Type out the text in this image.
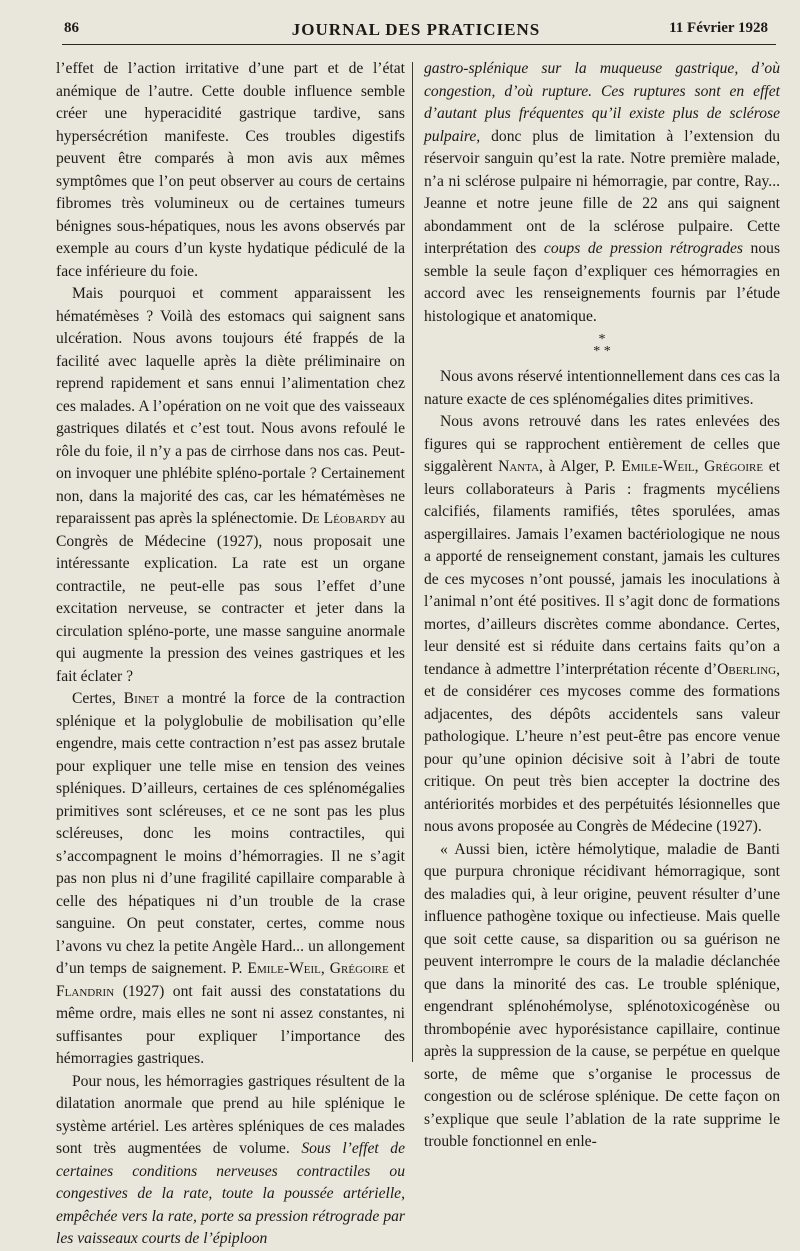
86	JOURNAL DES PRATICIENS	11 Février 1928

l’effet de l’action irritative d’une part et de l’état anémique de l’autre. Cette double influence semble créer une hyperacidité gastrique tardive, sans hypersécrétion manifeste. Ces troubles digestifs peuvent être comparés à mon avis aux mêmes symptômes que l’on peut observer au cours de certains fibromes très volumineux ou de certaines tumeurs bénignes sous-hépatiques, nous les avons observés par exemple au cours d’un kyste hydatique pédiculé de la face inférieure du foie.

Mais pourquoi et comment apparaissent les hématémèses ? Voilà des estomacs qui saignent sans ulcération. Nous avons toujours été frappés de la facilité avec laquelle après la diète préliminaire on reprend rapidement et sans ennui l’alimentation chez ces malades. A l’opération on ne voit que des vaisseaux gastriques dilatés et c’est tout. Nous avons refoulé le rôle du foie, il n’y a pas de cirrhose dans nos cas. Peut-on invoquer une phlébite spléno-portale ? Certainement non, dans la majorité des cas, car les hématémèses ne reparaissent pas après la splénectomie. De Léobardy au Congrès de Médecine (1927), nous proposait une intéressante explication. La rate est un organe contractile, ne peut-elle pas sous l’effet d’une excitation nerveuse, se contracter et jeter dans la circulation spléno-porte, une masse sanguine anormale qui augmente la pression des veines gastriques et les fait éclater ?

Certes, Binet a montré la force de la contraction splénique et la polyglobulie de mobilisation qu’elle engendre, mais cette contraction n’est pas assez brutale pour expliquer une telle mise en tension des veines spléniques. D’ailleurs, certaines de ces splénomégalies primitives sont scléreuses, et ce ne sont pas les plus scléreuses, donc les moins contractiles, qui s’accompagnent le moins d’hémorragies. Il ne s’agit pas non plus ni d’une fragilité capillaire comparable à celle des hépatiques ni d’un trouble de la crase sanguine. On peut constater, certes, comme nous l’avons vu chez la petite Angèle Hard... un allongement d’un temps de saignement. P. Emile-Weil, Grégoire et Flandrin (1927) ont fait aussi des constatations du même ordre, mais elles ne sont ni assez constantes, ni suffisantes pour expliquer l’importance des hémorragies gastriques.

Pour nous, les hémorragies gastriques résultent de la dilatation anormale que prend au hile splénique le système artériel. Les artères spléniques de ces malades sont très augmentées de volume. Sous l’effet de certaines conditions nerveuses contractiles ou congestives de la rate, toute la poussée artérielle, empêchée vers la rate, porte sa pression rétrograde par les vaisseaux courts de l’épiploon

gastro-splénique sur la muqueuse gastrique, d’où congestion, d’où rupture. Ces ruptures sont en effet d’autant plus fréquentes qu’il existe plus de sclérose pulpaire, donc plus de limitation à l’extension du réservoir sanguin qu’est la rate. Notre première malade, n’a ni sclérose pulpaire ni hémorragie, par contre, Ray... Jeanne et notre jeune fille de 22 ans qui saignent abondamment ont de la sclérose pulpaire. Cette interprétation des coups de pression rétrogrades nous semble la seule façon d’expliquer ces hémorragies en accord avec les renseignements fournis par l’étude histologique et anatomique.

*
* *

Nous avons réservé intentionnellement dans ces cas la nature exacte de ces splénomégalies dites primitives.

Nous avons retrouvé dans les rates enlevées des figures qui se rapprochent entièrement de celles que siggalèrent Nanta, à Alger, P. Emile-Weil, Grégoire et leurs collaborateurs à Paris : fragments mycéliens calcifiés, filaments ramifiés, têtes sporulées, amas aspergillaires. Jamais l’examen bactériologique ne nous a apporté de renseignement constant, jamais les cultures de ces mycoses n’ont poussé, jamais les inoculations à l’animal n’ont été positives. Il s’agit donc de formations mortes, d’ailleurs discrètes comme abondance. Certes, leur densité est si réduite dans certains faits qu’on a tendance à admettre l’interprétation récente d’Oberling, et de considérer ces mycoses comme des formations adjacentes, des dépôts accidentels sans valeur pathologique. L’heure n’est peut-être pas encore venue pour qu’une opinion décisive soit à l’abri de toute critique. On peut très bien accepter la doctrine des antériorités morbides et des perpétuités lésionnelles que nous avons proposée au Congrès de Médecine (1927).

« Aussi bien, ictère hémolytique, maladie de Banti que purpura chronique récidivant hémorragique, sont des maladies qui, à leur origine, peuvent résulter d’une influence pathogène toxique ou infectieuse. Mais quelle que soit cette cause, sa disparition ou sa guérison ne peuvent interrompre le cours de la maladie déclanchée que dans la minorité des cas. Le trouble splénique, engendrant splénohémolyse, splénotoxicogénèse ou thrombopénie avec hyporésistance capillaire, continue après la suppression de la cause, se perpétue en quelque sorte, de même que s’organise le processus de congestion ou de sclérose splénique. De cette façon on s’explique que seule l’ablation de la rate supprime le trouble fonctionnel en enle-
